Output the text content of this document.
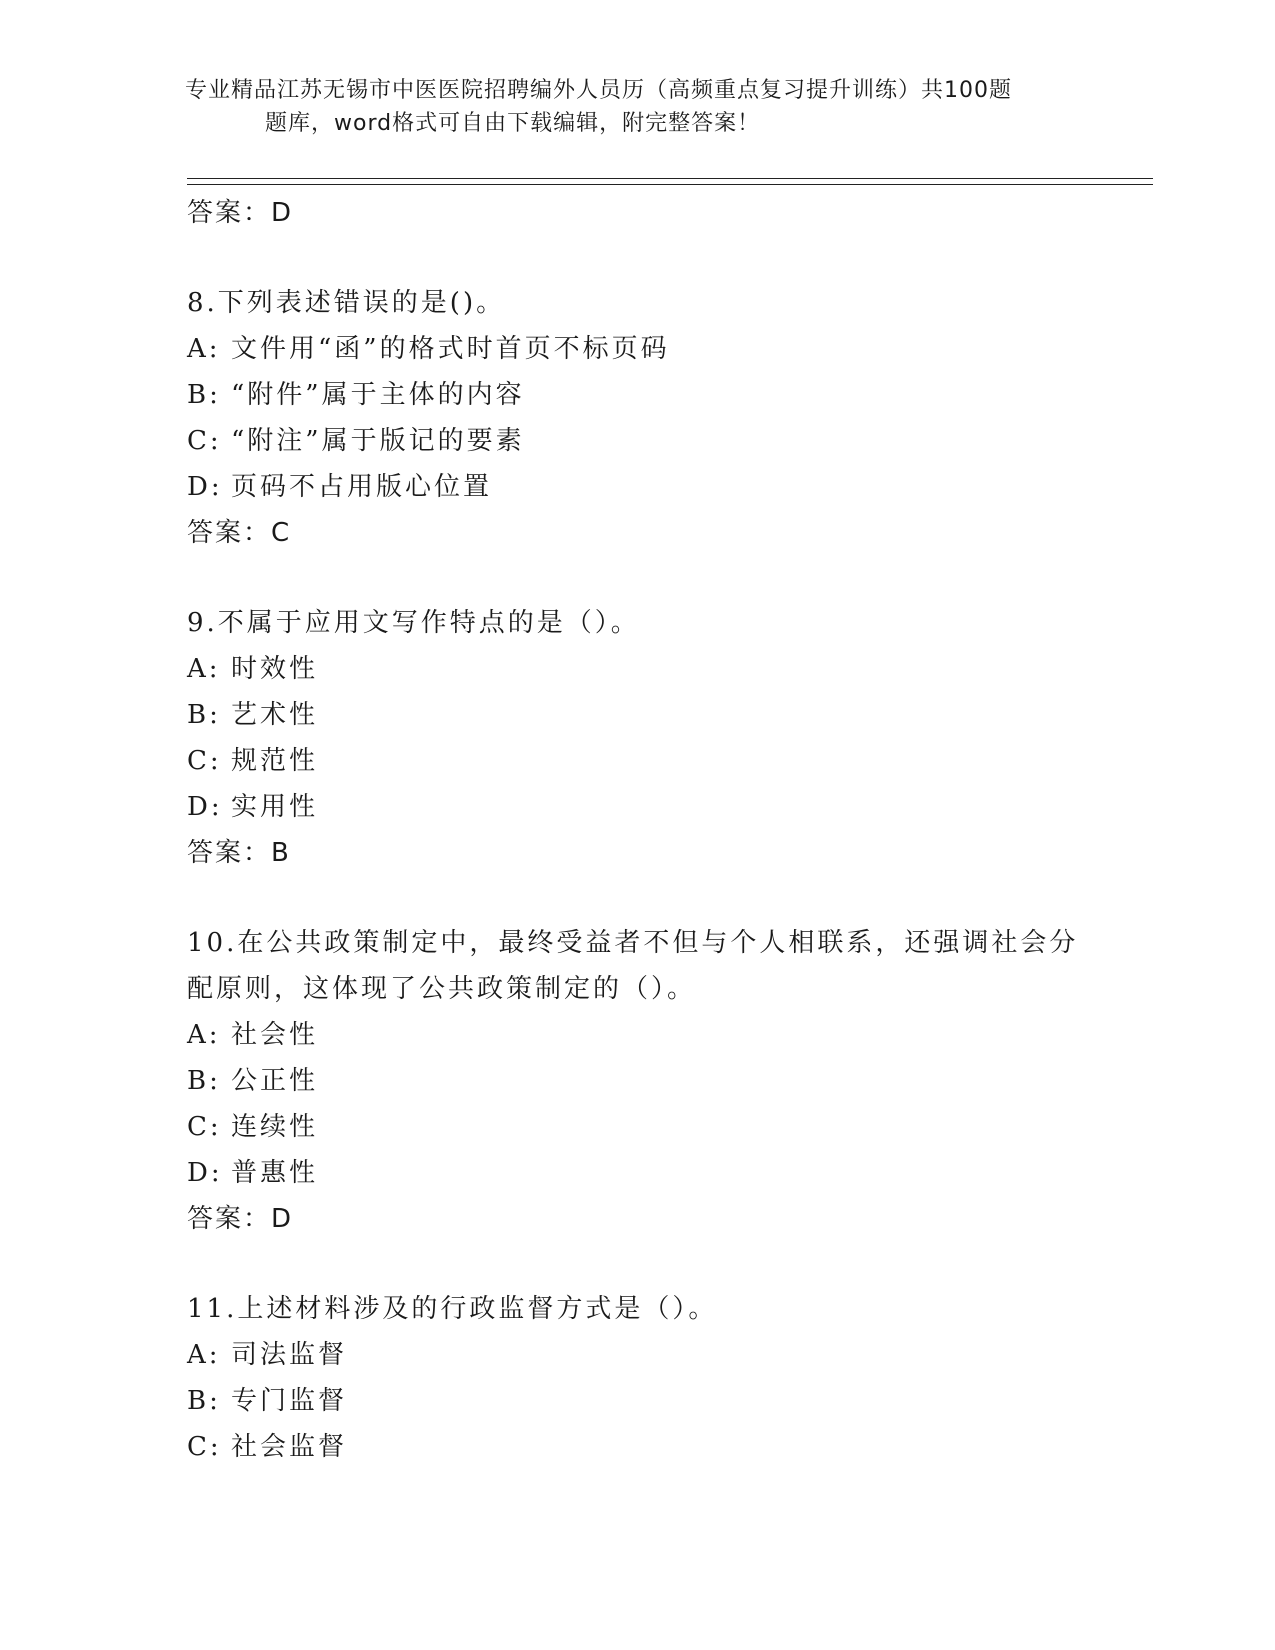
专业精品江苏无锡市中医医院招聘编外人员历（高频重点复习提升训练）共100题
题库，word格式可自由下载编辑，附完整答案！
答案：D
8.下列表述错误的是()。
A: 文件用“函”的格式时首页不标页码
B: “附件”属于主体的内容
C: “附注”属于版记的要素
D: 页码不占用版心位置
答案：C
9.不属于应用文写作特点的是（）。
A: 时效性
B: 艺术性
C: 规范性
D: 实用性
答案：B
10.在公共政策制定中，最终受益者不但与个人相联系，还强调社会分配原则，这体现了公共政策制定的（）。
A: 社会性
B: 公正性
C: 连续性
D: 普惠性
答案：D
11.上述材料涉及的行政监督方式是（）。
A: 司法监督
B: 专门监督
C: 社会监督
